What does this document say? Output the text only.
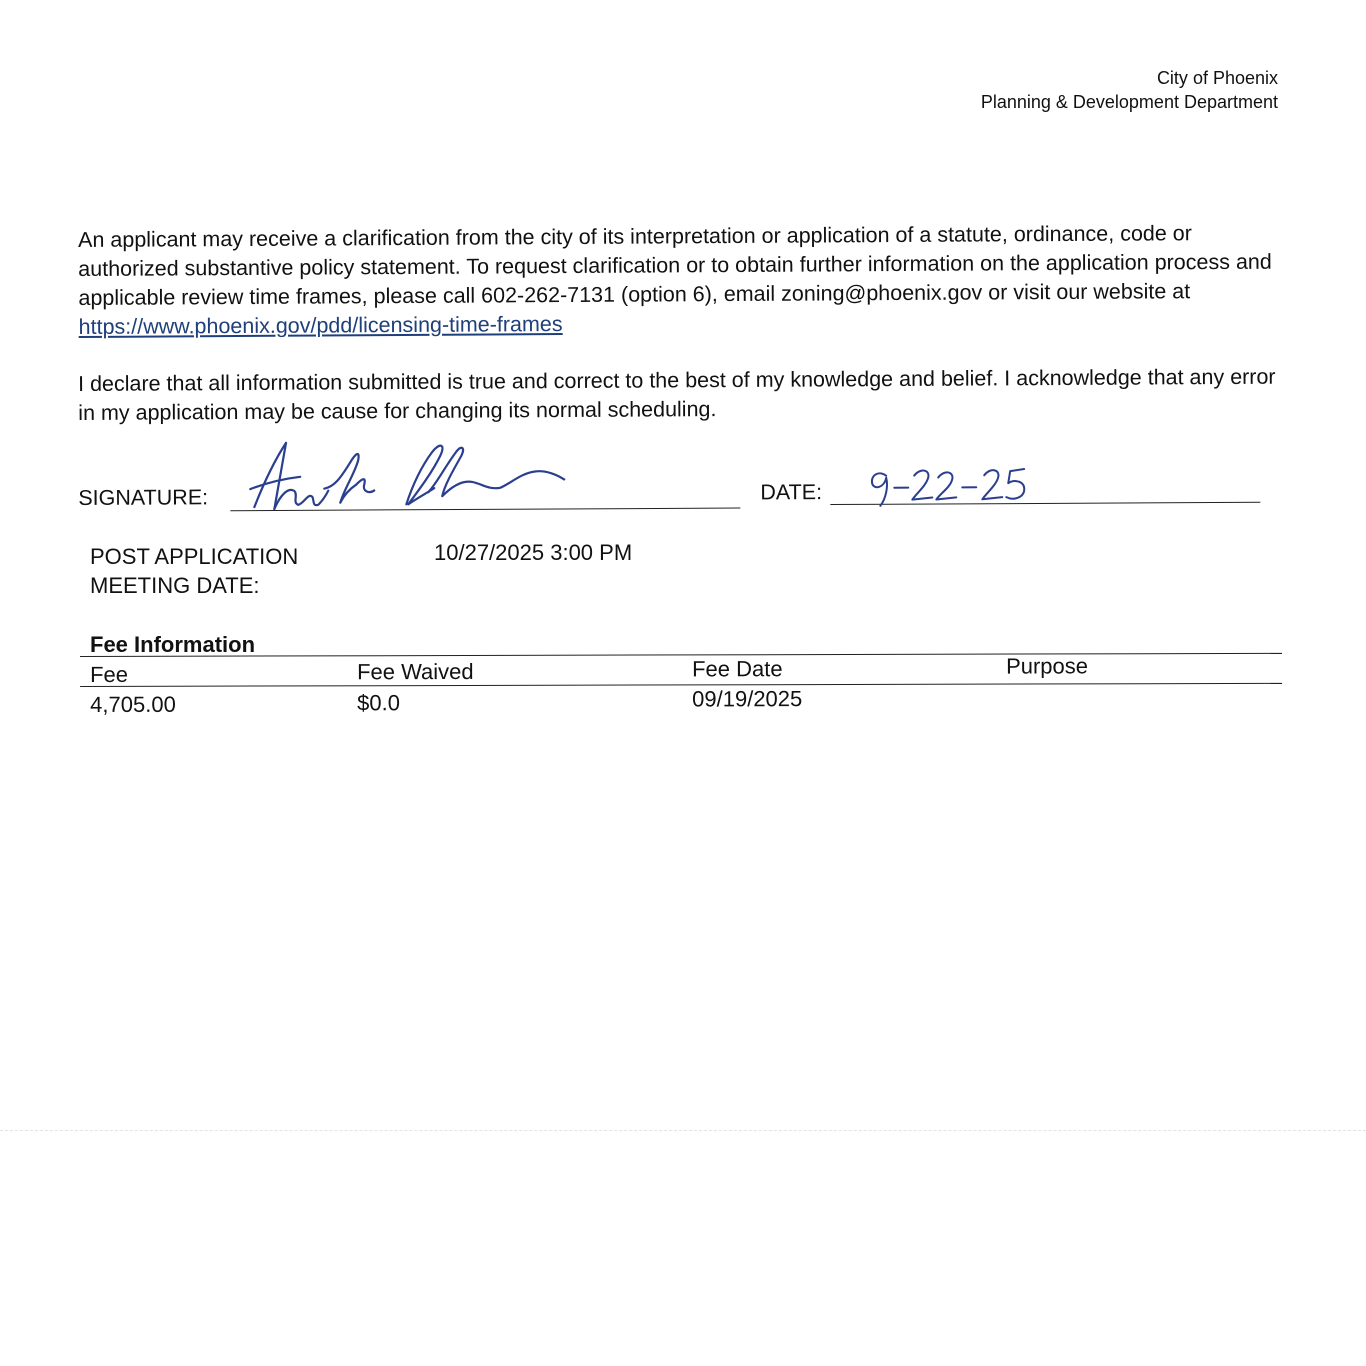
City of Phoenix
Planning & Development Department
An applicant may receive a clarification from the city of its interpretation or application of a statute, ordinance, code or authorized substantive policy statement. To request clarification or to obtain further information on the application process and applicable review time frames, please call 602-262-7131 (option 6), email zoning@phoenix.gov or visit our website at https://www.phoenix.gov/pdd/licensing-time-frames
I declare that all information submitted is true and correct to the best of my knowledge and belief. I acknowledge that any error in my application may be cause for changing its normal scheduling.
SIGNATURE:	DATE:
POST APPLICATION
MEETING DATE:
10/27/2025 3:00 PM
Fee Information
Fee	Fee Waived	Fee Date	Purpose
4,705.00	$0.0	09/19/2025
